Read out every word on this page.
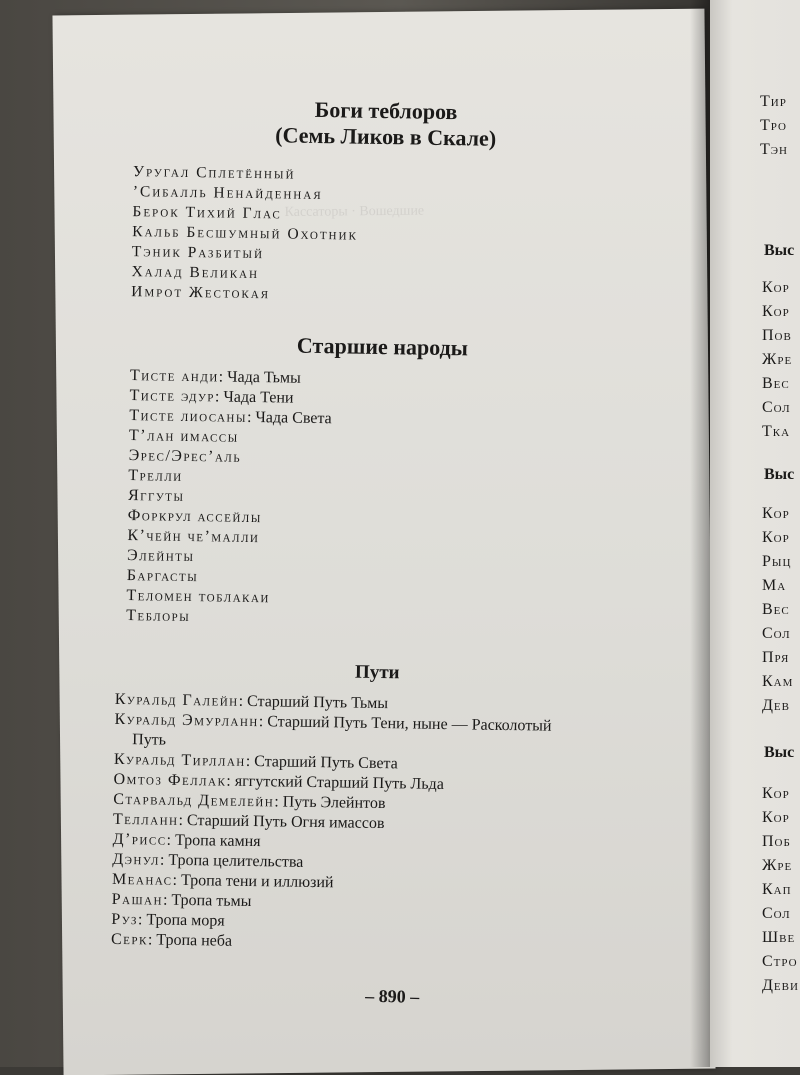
Кассаторы · Вошедшие

Боги теблоров
(Семь Ликов в Скале)
Уругал Сплетённый
’Сибалль Ненайденная
Берок Тихий Глас
Кальб Бесшумный Охотник
Тэник Разбитый
Халад Великан
Имрот Жестокая
Старшие народы
Тисте анди: Чада Тьмы
Тисте эдур: Чада Тени
Тисте лиосаны: Чада Света
Т’лан имассы
Эрес/Эрес’аль
Трелли
Яггуты
Форкрул ассейлы
К’чейн че’малли
Элейнты
Баргасты
Теломен тоблакаи
Теблоры
Пути
Куральд Галейн: Старший Путь Тьмы
Куральд Эмурланн: Старший Путь Тени, ныне — Расколотый
Путь
Куральд Тирллан: Старший Путь Света
Омтоз Феллак: яггутский Старший Путь Льда
Старвальд Демелейн: Путь Элейнтов
Телланн: Старший Путь Огня имассов
Д’рисс: Тропа камня
Дэнул: Тропа целительства
Меанас: Тропа тени и иллюзий
Рашан: Тропа тьмы
Руз: Тропа моря
Серк: Тропа неба
– 890 –
Тир
Тро
Тэн
Выс
Кор
Кор
Пов
Жре
Вес
Сол
Тка
Выс
Кор
Кор
Рыц
Ма
Вес
Сол
Пря
Кам
Дев
Выс
Кор
Кор
Поб
Жре
Кап
Сол
Шве
Стро
Деви
